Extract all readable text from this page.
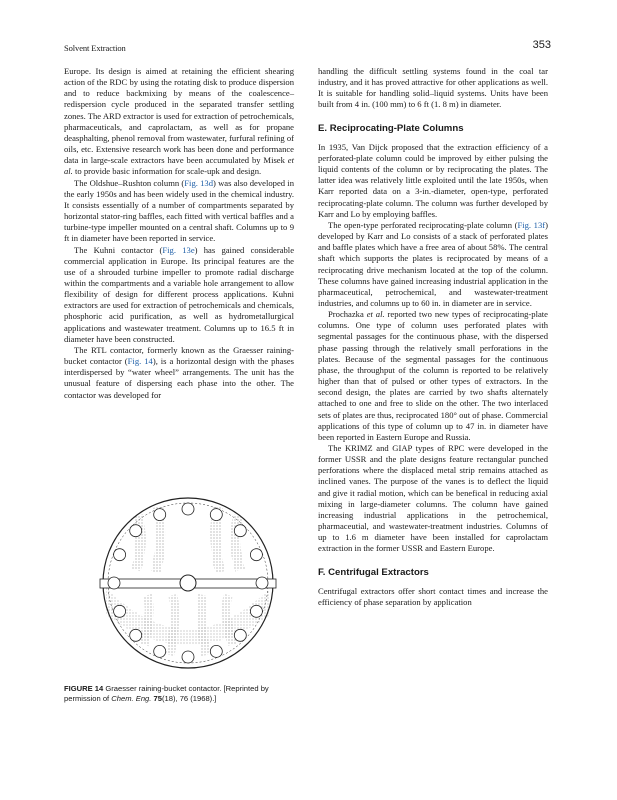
Solvent Extraction	353

Europe. Its design is aimed at retaining the efficient shearing action of the RDC by using the rotating disk to produce dispersion and to reduce backmixing by means of the coalescence–redispersion cycle produced in the separated transfer settling zones. The ARD extractor is used for extraction of petrochemicals, pharmaceuticals, and caprolactam, as well as for propane deasphalting, phenol removal from wastewater, furfural refining of oils, etc. Extensive research work has been done and performance data in large-scale extractors have been accumulated by Misek et al. to provide basic information for scale-upk and design.

The Oldshue–Rushton column (Fig. 13d) was also developed in the early 1950s and has been widely used in the chemical industry. It consists essentially of a number of compartments separated by horizontal stator-ring baffles, each fitted with vertical baffles and a turbine-type impeller mounted on a central shaft. Columns up to 9 ft in diameter have been reported in service.

The Kuhni contactor (Fig. 13e) has gained considerable commercial application in Europe. Its principal features are the use of a shrouded turbine impeller to promote radial discharge within the compartments and a variable hole arrangement to allow flexibility of design for different process applications. Kuhni extractors are used for extraction of petrochemicals and chemicals, phosphoric acid purification, as well as hydrometallurgical applications and wastewater treatment. Columns up to 16.5 ft in diameter have been constructed.

The RTL contactor, formerly known as the Graesser raining-bucket contactor (Fig. 14), is a horizontal design with the phases interdispersed by “water wheel” arrangements. The unit has the unusual feature of dispersing each phase into the other. The contactor was developed for

FIGURE 14 Graesser raining-bucket contactor. [Reprinted by permission of Chem. Eng. 75(18), 76 (1968).]

handling the difficult settling systems found in the coal tar industry, and it has proved attractive for other applications as well. It is suitable for handling solid–liquid systems. Units have been built from 4 in. (100 mm) to 6 ft (1. 8 m) in diameter.

E. Reciprocating-Plate Columns

In 1935, Van Dijck proposed that the extraction efficiency of a perforated-plate column could be improved by either pulsing the liquid contents of the column or by reciprocating the plates. The latter idea was relatively little exploited until the late 1950s, when Karr reported data on a 3-in.-diameter, open-type, perforated reciprocating-plate column. The column was further developed by Karr and Lo by employing baffles.

The open-type perforated reciprocating-plate column (Fig. 13f) developed by Karr and Lo consists of a stack of perforated plates and baffle plates which have a free area of about 58%. The central shaft which supports the plates is reciprocated by means of a reciprocating drive mechanism located at the top of the column. These columns have gained increasing industrial application in the pharmaceutical, petrochemical, and wastewater-treatment industries, and columns up to 60 in. in diameter are in service.

Prochazka et al. reported two new types of reciprocating-plate columns. One type of column uses perforated plates with segmental passages for the continuous phase, with the dispersed phase passing through the relatively small perforations in the plates. Because of the segmental passages for the continuous phase, the throughput of the column is reported to be relatively higher than that of pulsed or other types of extractors. In the second design, the plates are carried by two shafts alternately attached to one and free to slide on the other. The two interlaced sets of plates are thus, reciprocated 180° out of phase. Commercial applications of this type of column up to 47 in. in diameter have been reported in Eastern Europe and Russia.

The KRIMZ and GIAP types of RPC were developed in the former USSR and the plate designs feature rectangular punched perforations where the displaced metal strip remains attached as inclined vanes. The purpose of the vanes is to deflect the liquid and give it radial motion, which can be benefical in reducing axial mixing in large-diameter columns. The column have gained increasing industrial applications in the petrochemical, pharmaceutial, and wastewater-treatment industries. Columns of up to 1.6 m diameter have been installed for caprolactam extraction in the former USSR and Eastern Europe.

F. Centrifugal Extractors

Centrifugal extractors offer short contact times and increase the efficiency of phase separation by application
